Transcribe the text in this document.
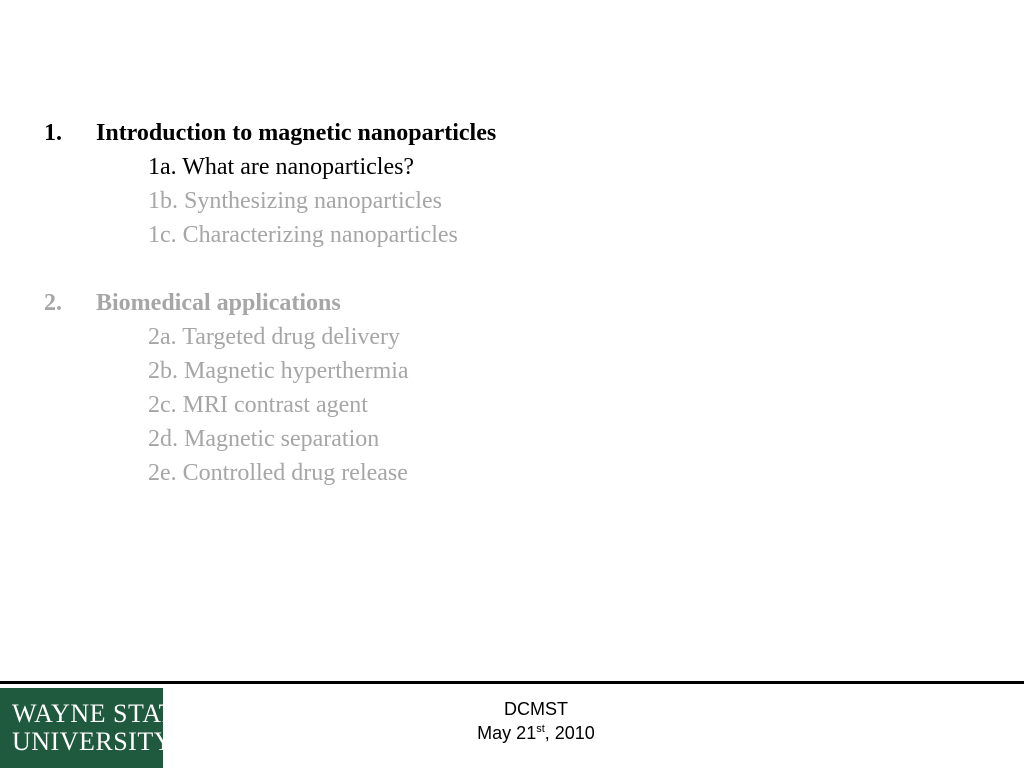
1.	Introduction to magnetic nanoparticles
1a. What are nanoparticles?
1b. Synthesizing nanoparticles
1c. Characterizing nanoparticles
2.	Biomedical applications
2a. Targeted drug delivery
2b. Magnetic hyperthermia
2c. MRI contrast agent
2d. Magnetic separation
2e. Controlled drug release
WAYNE STATE
UNIVERSITY
DCMST
May 21st, 2010
